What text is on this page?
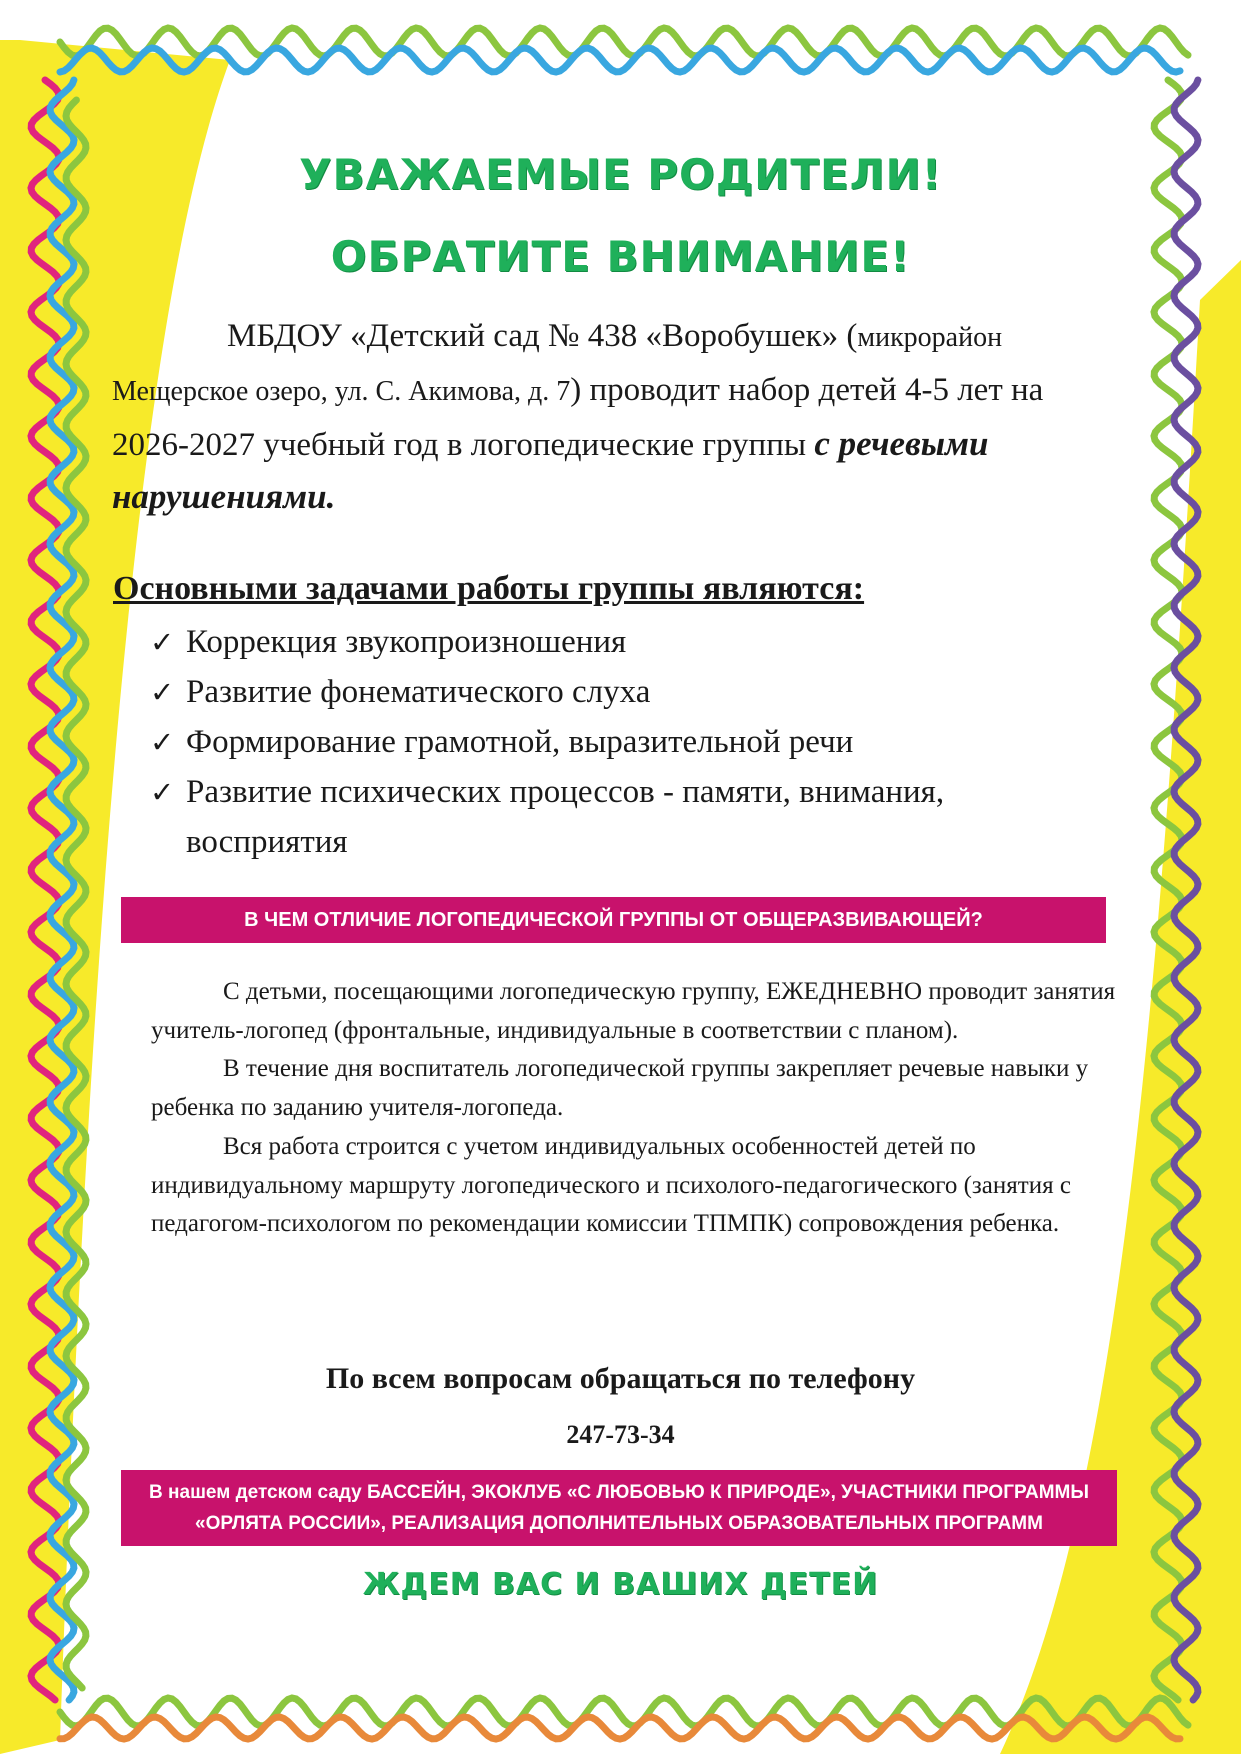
УВАЖАЕМЫЕ РОДИТЕЛИ!
ОБРАТИТЕ ВНИМАНИЕ!
МБДОУ «Детский сад № 438 «Воробушек» (микрорайон Мещерское озеро, ул. С. Акимова, д. 7) проводит набор детей 4-5 лет на 2026-2027 учебный год в логопедические группы с речевыми нарушениями.
Основными задачами работы группы являются:
✓ Коррекция звукопроизношения
✓ Развитие фонематического слуха
✓ Формирование грамотной, выразительной речи
✓ Развитие психических процессов - памяти, внимания, восприятия
В ЧЕМ ОТЛИЧИЕ ЛОГОПЕДИЧЕСКОЙ ГРУППЫ ОТ ОБЩЕРАЗВИВАЮЩЕЙ?

С детьми, посещающими логопедическую группу, ЕЖЕДНЕВНО проводит занятия учитель-логопед (фронтальные, индивидуальные в соответствии с планом).

В течение дня воспитатель логопедической группы закрепляет речевые навыки у ребенка по заданию учителя-логопеда.

Вся работа строится с учетом индивидуальных особенностей детей по индивидуальному маршруту логопедического и психолого-педагогического (занятия с педагогом-психологом по рекомендации комиссии ТПМПК) сопровождения ребенка.

По всем вопросам обращаться по телефону
247-73-34
В нашем детском саду БАССЕЙН, ЭКОКЛУБ «С ЛЮБОВЬЮ К ПРИРОДЕ», УЧАСТНИКИ ПРОГРАММЫ
«ОРЛЯТА РОССИИ», РЕАЛИЗАЦИЯ ДОПОЛНИТЕЛЬНЫХ ОБРАЗОВАТЕЛЬНЫХ ПРОГРАММ
ЖДЕМ ВАС И ВАШИХ ДЕТЕЙ
